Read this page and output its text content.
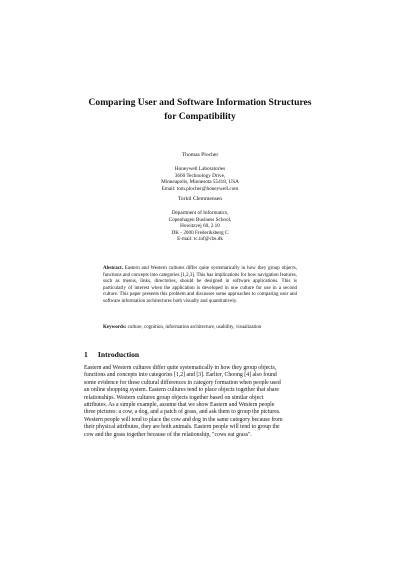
Comparing User and Software Information Structures
for Compatibility
Thomas Plocher
Honeywell Laboratories
3660 Technology Drive,
Minneapolis, Minnesota 55418, USA
Email: tom.plocher@honeywell.com
Torkil Clemmensen
Department of Informatics,
Copenhagen Business School,
Howitzvej 60, 2.10
DK - 2000 Frederiksberg C
E-mail: tc.inf@cbs.dk
Abstract. Eastern and Western cultures differ quite systematically in how they group objects, functions and concepts into categories [1,2,3]. This has implications for how navigation features, such as menus, links, directories, should be designed in software applications. This is particularly of interest when the application is developed in one culture for use in a second culture. This paper presents this problem and discusses some approaches to comparing user and software information architectures both visually and quantitatively.
Keywords: culture, cognition, information architecture, usability, visualization
1 Introduction
Eastern and Western cultures differ quite systematically in how they group objects,
functions and concepts into categories [1,2] and [3]. Earlier, Choong [4] also found
some evidence for these cultural differences in category formation when people used
an online shopping system. Eastern cultures tend to place objects together that share
relationships. Western cultures group objects together based on similar object
attributes. As a simple example, assume that we show Eastern and Western people
three pictures: a cow, a dog, and a patch of grass, and ask them to group the pictures.
Western people will tend to place the cow and dog in the same category because from
their physical attributes, they are both animals. Eastern people will tend to group the
cow and the grass together because of the relationship, "cows eat grass".
